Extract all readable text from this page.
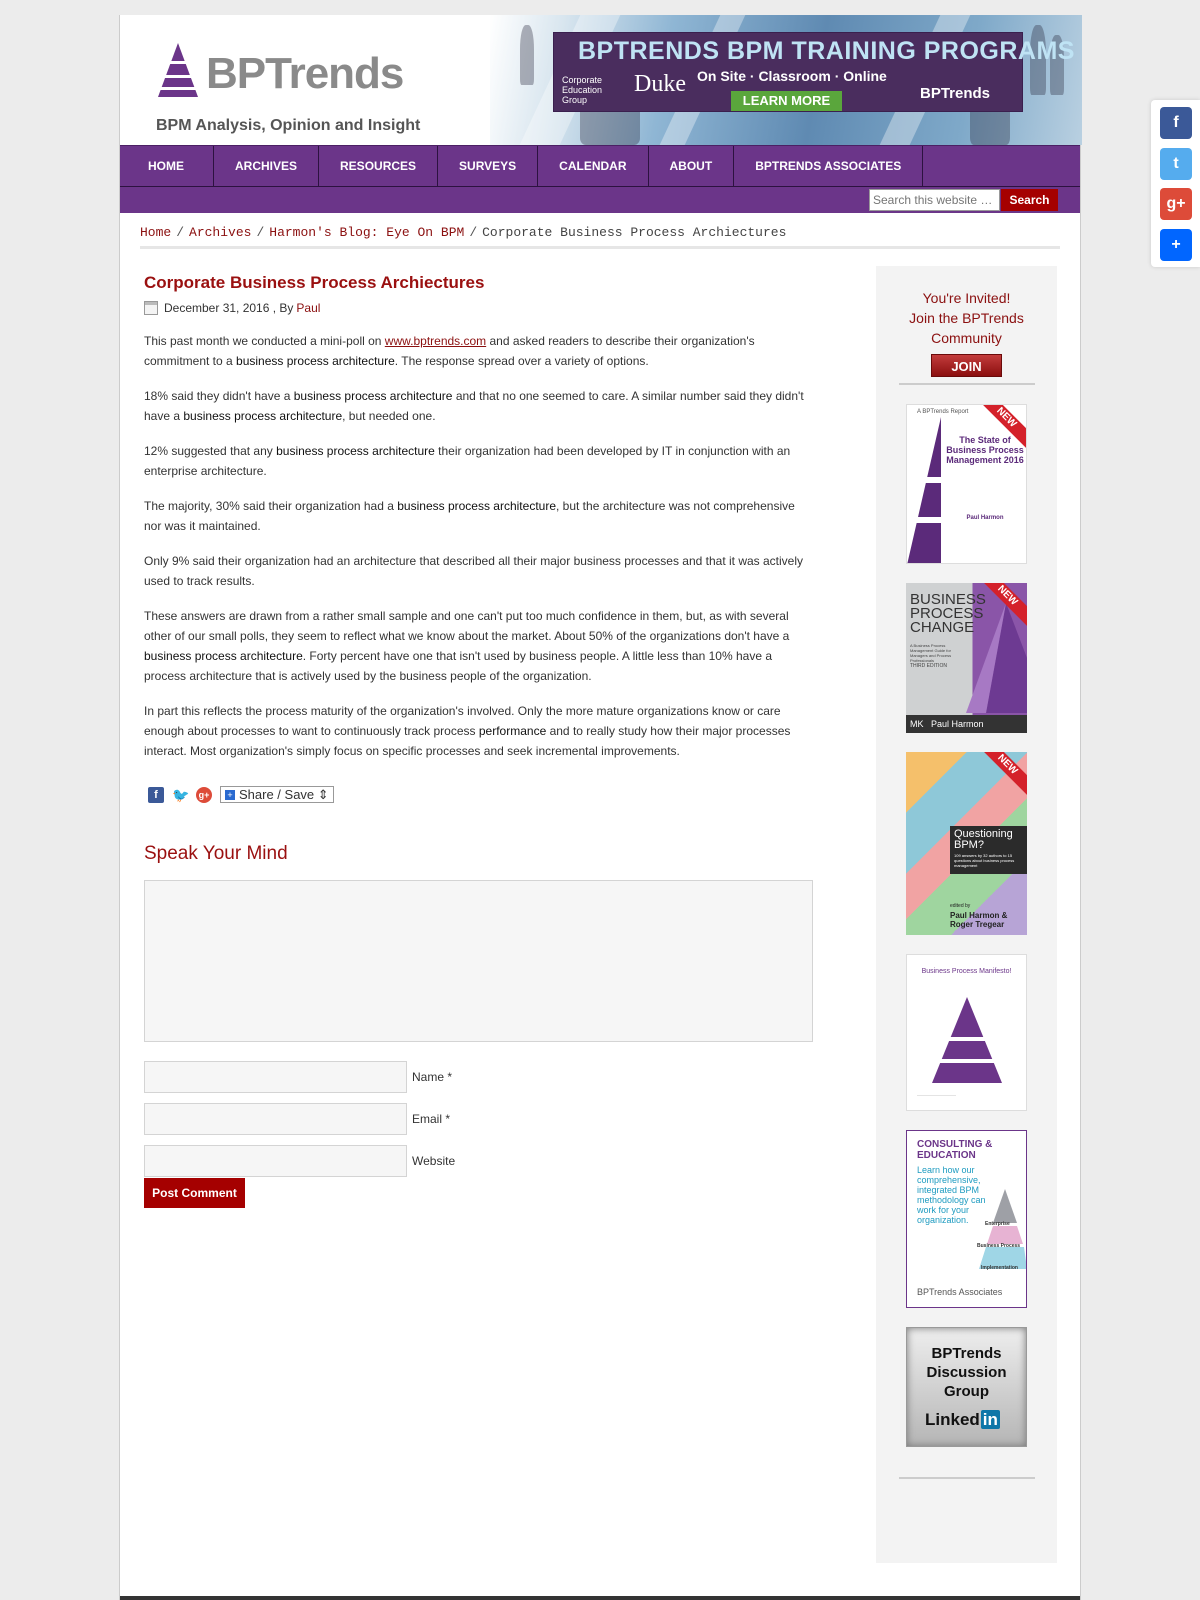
BPTrends
BPM Analysis, Opinion and Insight
BPTRENDS BPM TRAINING PROGRAMS
Corporate Education Group
Duke On Site · Classroom · Online
LEARN MORE	BPTrends
HOME	ARCHIVES	RESOURCES	SURVEYS	CALENDAR	ABOUT	BPTRENDS ASSOCIATES
Search this website …
Search
Home / Archives / Harmon's Blog: Eye On BPM / Corporate Business Process Archiectures
Corporate Business Process Archiectures
December 31, 2016
, By Paul

This past month we conducted a mini-poll on www.bptrends.com and asked readers to describe their organization's commitment to a business process architecture. The response spread over a variety of options.

18% said they didn't have a business process architecture and that no one seemed to care. A similar number said they didn't have a business process architecture, but needed one.

12% suggested that any business process architecture their organization had been developed by IT in conjunction with an enterprise architecture.

The majority, 30% said their organization had a business process architecture, but the architecture was not comprehensive nor was it maintained.

Only 9% said their organization had an architecture that described all their major business processes and that it was actively used to track results.

These answers are drawn from a rather small sample and one can't put too much confidence in them, but, as with several other of our small polls, they seem to reflect what we know about the market. About 50% of the organizations don't have a business process architecture. Forty percent have one that isn't used by business people. A little less than 10% have a process architecture that is actively used by the business people of the organization.

In part this reflects the process maturity of the organization's involved. Only the more mature organizations know or care enough about processes to want to continuously track process performance and to really study how their major processes interact. Most organization's simply focus on specific processes and seek incremental improvements.

f	🐦 g+ + Share / Save ⇕
Speak Your Mind
Name *
Email *
Website
Post Comment
You're Invited!
Join the BPTrends
Community
JOIN
A BPTrends Report
The State of Business Process Management 2016
Paul Harmon
NEW
BUSINESS PROCESS CHANGE
A Business Process Management Guide for Managers and Process Professionals
THIRD EDITION
MK Paul Harmon
NEW
Questioning BPM?
109 answers by 32 authors to 15 questions about business process management
edited by
Paul Harmon & Roger Tregear
NEW
Business Process Manifesto!
—————————————
CONSULTING & EDUCATION
Learn how our comprehensive, integrated BPM methodology can work for your organization.	Enterprise
Business Process
Implementation
BPTrends Associates
BPTrends Discussion Group
Linked in
f
t
g+
+
